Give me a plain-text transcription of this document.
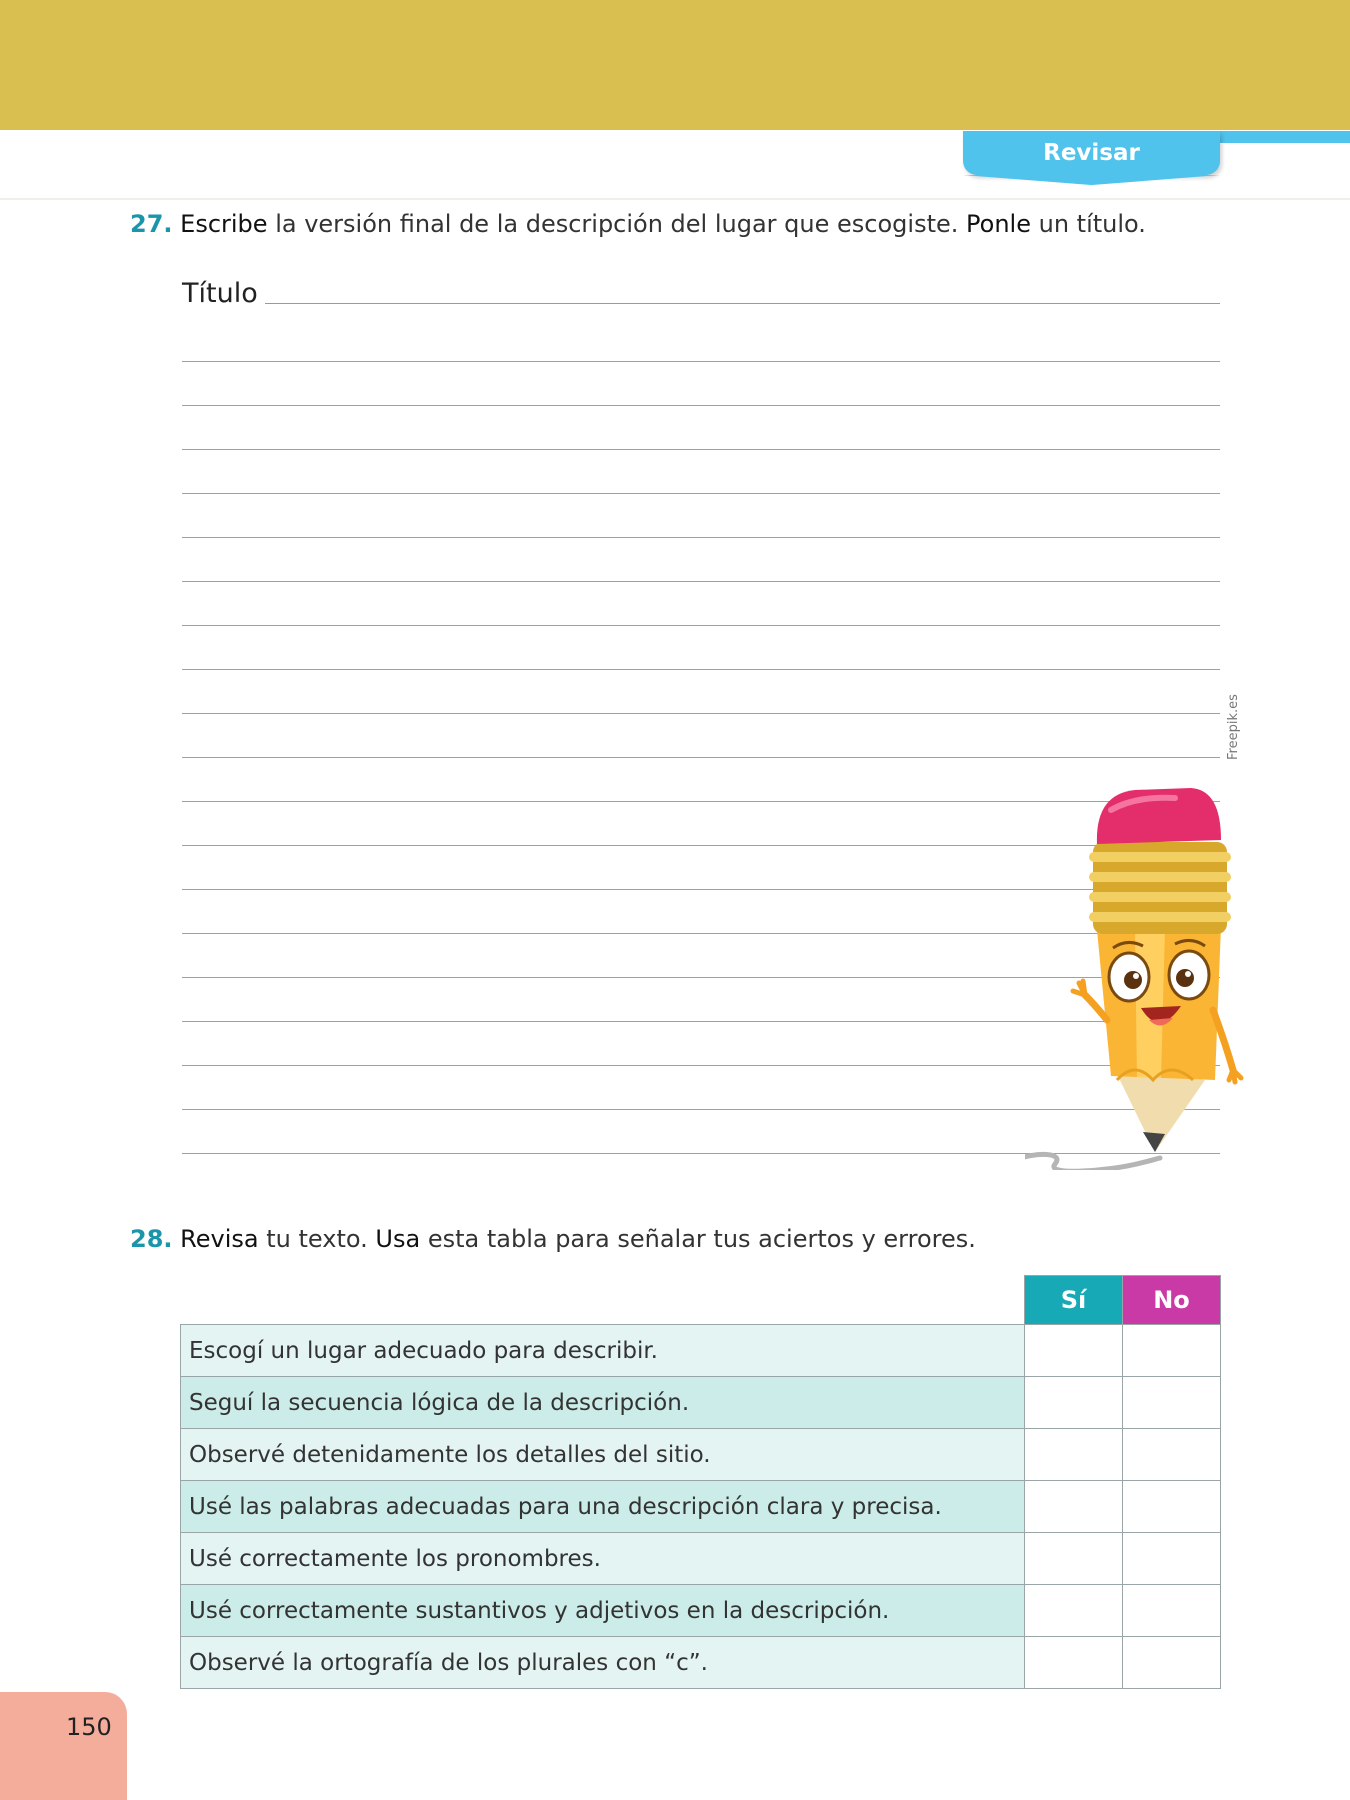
Revisar
27. Escribe la versión final de la descripción del lugar que escogiste. Ponle un título.
Título
Freepik.es
	Sí	No
Escogí un lugar adecuado para describir.		
Seguí la secuencia lógica de la descripción.		
Observé detenidamente los detalles del sitio.		
Usé las palabras adecuadas para una descripción clara y precisa.		
Usé correctamente los pronombres.		
Usé correctamente sustantivos y adjetivos en la descripción.		
Observé la ortografía de los plurales con “c”.		
28. Revisa tu texto. Usa esta tabla para señalar tus aciertos y errores.
150
